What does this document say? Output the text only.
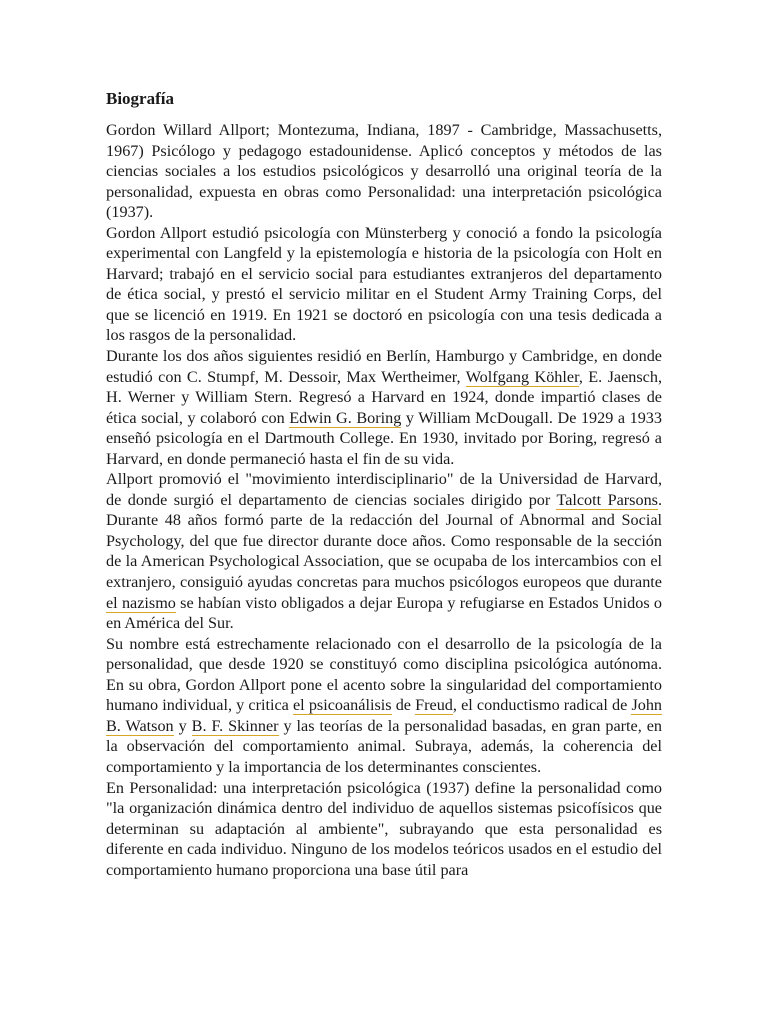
Biografía

Gordon Willard Allport; Montezuma, Indiana, 1897 - Cambridge, Massachusetts, 1967) Psicólogo y pedagogo estadounidense. Aplicó conceptos y métodos de las ciencias sociales a los estudios psicológicos y desarrolló una original teoría de la personalidad, expuesta en obras como Personalidad: una interpretación psicológica (1937).

Gordon Allport estudió psicología con Münsterberg y conoció a fondo la psicología experimental con Langfeld y la epistemología e historia de la psicología con Holt en Harvard; trabajó en el servicio social para estudiantes extranjeros del departamento de ética social, y prestó el servicio militar en el Student Army Training Corps, del que se licenció en 1919. En 1921 se doctoró en psicología con una tesis dedicada a los rasgos de la personalidad.

Durante los dos años siguientes residió en Berlín, Hamburgo y Cambridge, en donde estudió con C. Stumpf, M. Dessoir, Max Wertheimer, Wolfgang Köhler, E. Jaensch, H. Werner y William Stern. Regresó a Harvard en 1924, donde impartió clases de ética social, y colaboró con Edwin G. Boring y William McDougall. De 1929 a 1933 enseñó psicología en el Dartmouth College. En 1930, invitado por Boring, regresó a Harvard, en donde permaneció hasta el fin de su vida.

Allport promovió el "movimiento interdisciplinario" de la Universidad de Harvard, de donde surgió el departamento de ciencias sociales dirigido por Talcott Parsons. Durante 48 años formó parte de la redacción del Journal of Abnormal and Social Psychology, del que fue director durante doce años. Como responsable de la sección de la American Psychological Association, que se ocupaba de los intercambios con el extranjero, consiguió ayudas concretas para muchos psicólogos europeos que durante el nazismo se habían visto obligados a dejar Europa y refugiarse en Estados Unidos o en América del Sur.

Su nombre está estrechamente relacionado con el desarrollo de la psicología de la personalidad, que desde 1920 se constituyó como disciplina psicológica autónoma. En su obra, Gordon Allport pone el acento sobre la singularidad del comportamiento humano individual, y critica el psicoanálisis de Freud, el conductismo radical de John B. Watson y B. F. Skinner y las teorías de la personalidad basadas, en gran parte, en la observación del comportamiento animal. Subraya, además, la coherencia del comportamiento y la importancia de los determinantes conscientes.

En Personalidad: una interpretación psicológica (1937) define la personalidad como "la organización dinámica dentro del individuo de aquellos sistemas psicofísicos que determinan su adaptación al ambiente", subrayando que esta personalidad es diferente en cada individuo. Ninguno de los modelos teóricos usados en el estudio del comportamiento humano proporciona una base útil para
